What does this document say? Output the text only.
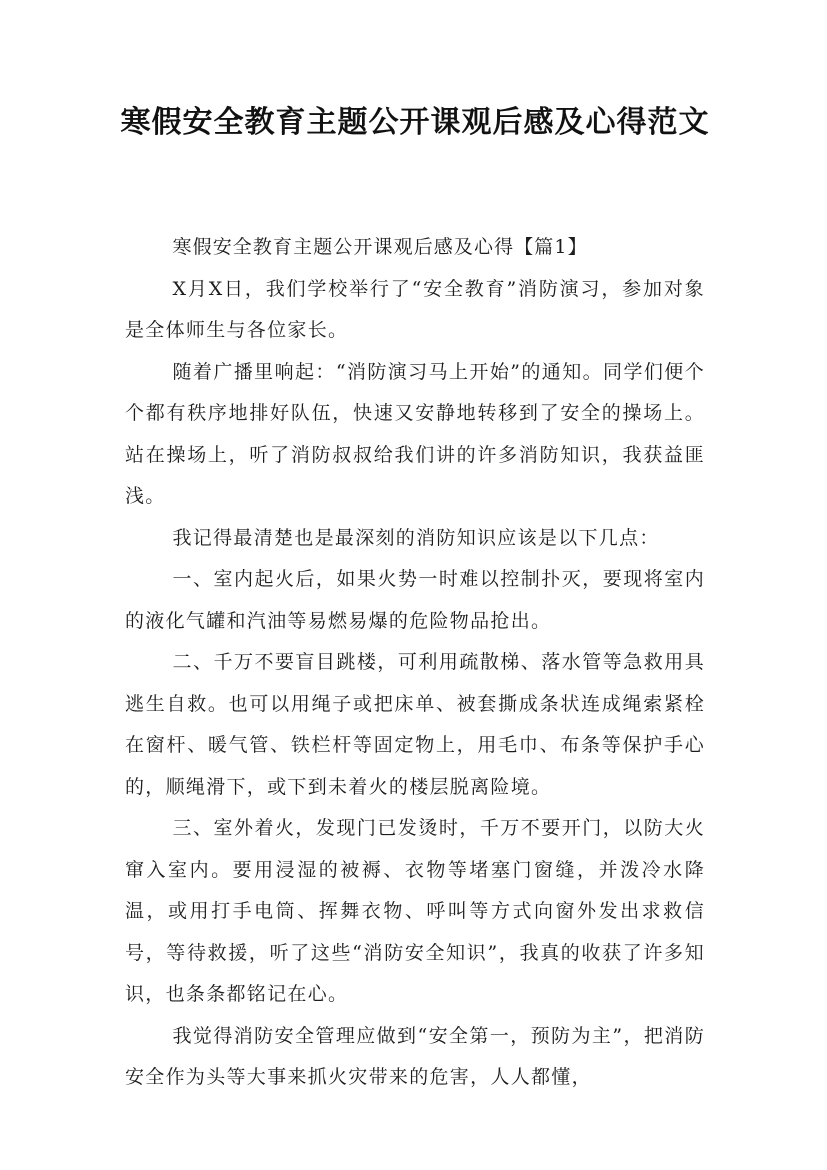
寒假安全教育主题公开课观后感及心得范文

寒假安全教育主题公开课观后感及心得【篇1】

X月X日，我们学校举行了“安全教育”消防演习，参加对象是全体师生与各位家长。

随着广播里响起：“消防演习马上开始”的通知。同学们便个个都有秩序地排好队伍，快速又安静地转移到了安全的操场上。站在操场上，听了消防叔叔给我们讲的许多消防知识，我获益匪浅。

我记得最清楚也是最深刻的消防知识应该是以下几点：

一、室内起火后，如果火势一时难以控制扑灭，要现将室内的液化气罐和汽油等易燃易爆的危险物品抢出。

二、千万不要盲目跳楼，可利用疏散梯、落水管等急救用具逃生自救。也可以用绳子或把床单、被套撕成条状连成绳索紧栓在窗杆、暖气管、铁栏杆等固定物上，用毛巾、布条等保护手心的，顺绳滑下，或下到未着火的楼层脱离险境。

三、室外着火，发现门已发烫时，千万不要开门，以防大火窜入室内。要用浸湿的被褥、衣物等堵塞门窗缝，并泼冷水降温，或用打手电筒、挥舞衣物、呼叫等方式向窗外发出求救信号，等待救援，听了这些“消防安全知识”，我真的收获了许多知识，也条条都铭记在心。

我觉得消防安全管理应做到“安全第一，预防为主”，把消防安全作为头等大事来抓火灾带来的危害，人人都懂，
